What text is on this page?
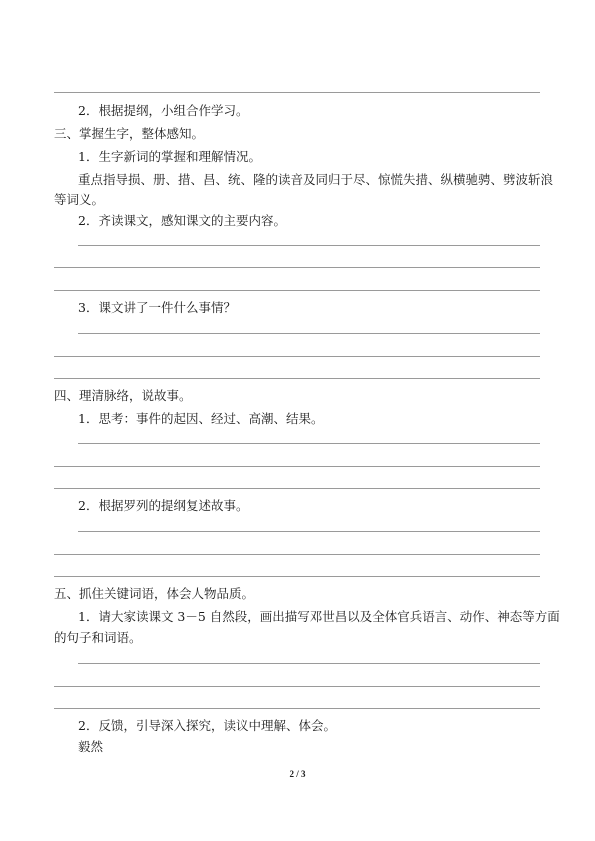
2．根据提纲，小组合作学习。
三、掌握生字，整体感知。
1．生字新词的掌握和理解情况。
重点指导损、册、措、昌、统、隆的读音及同归于尽、惊慌失措、纵横驰骋、劈波斩浪
等词义。
2．齐读课文，感知课文的主要内容。
3．课文讲了一件什么事情？
四、理清脉络，说故事。
1．思考：事件的起因、经过、高潮、结果。
2．根据罗列的提纲复述故事。
五、抓住关键词语，体会人物品质。
1．请大家读课文 3－5 自然段，画出描写邓世昌以及全体官兵语言、动作、神态等方面
的句子和词语。
2．反馈，引导深入探究，读议中理解、体会。
毅然
2 / 3
